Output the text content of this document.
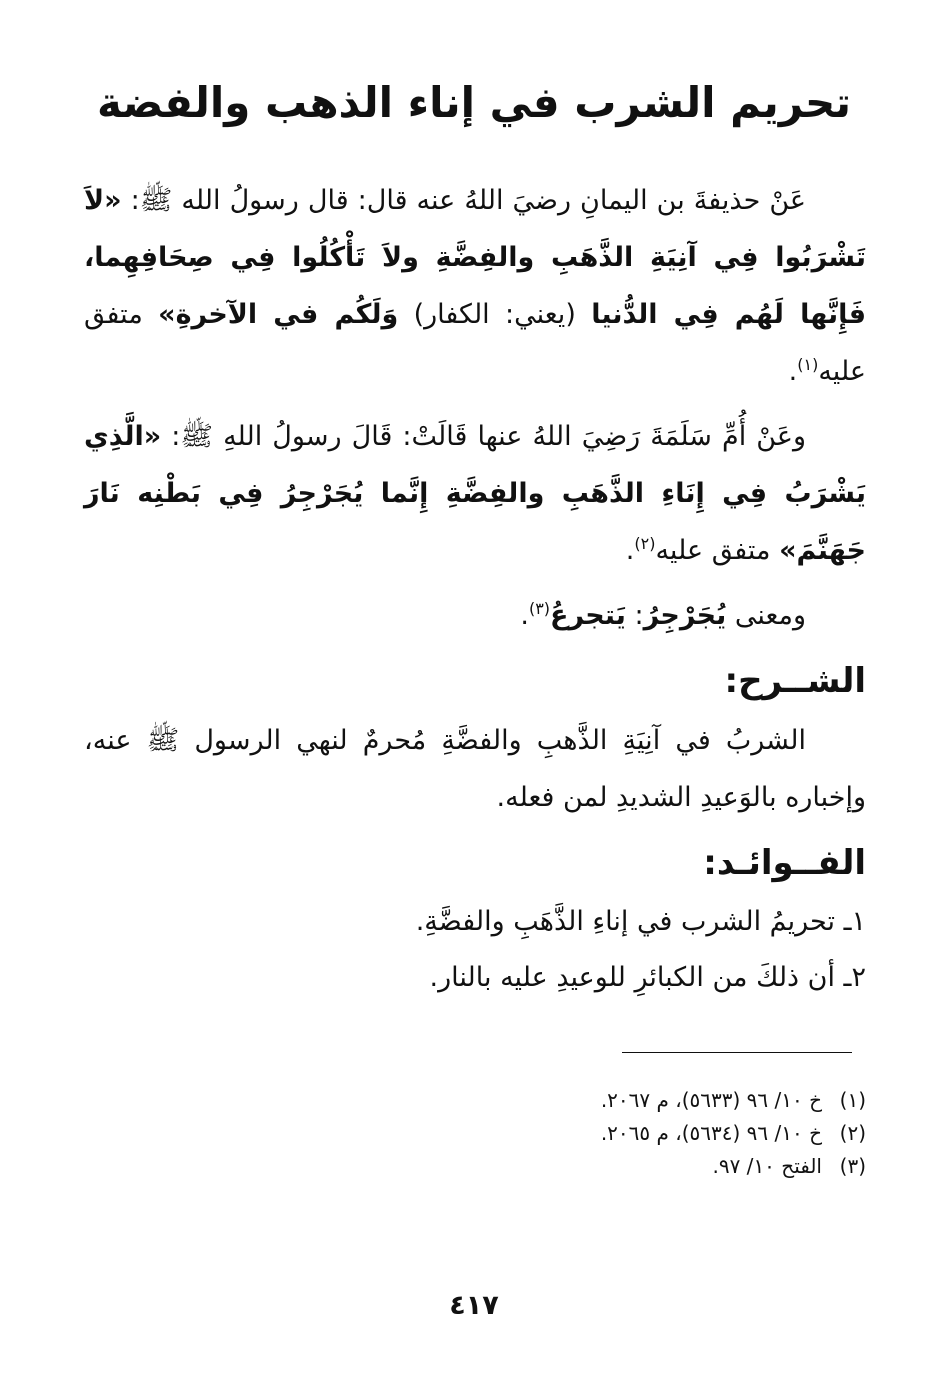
تحريم الشرب في إناء الذهب والفضة

عَنْ حذيفةَ بن اليمانِ رضيَ اللهُ عنه قال: قال رسولُ الله ﷺ: «لاَ تَشْرَبُوا فِي آنِيَةِ الذَّهَبِ والفِضَّةِ ولاَ تَأْكُلُوا فِي صِحَافِهِما، فَإِنَّها لَهُم فِي الدُّنيا (يعني: الكفار) وَلَكُم في الآخرةِ» متفق عليه$^{(١)}$.

وعَنْ أُمِّ سَلَمَةَ رَضِيَ اللهُ عنها قَالَتْ: قَالَ رسولُ اللهِ ﷺ: «الَّذِي يَشْرَبُ فِي إِنَاءِ الذَّهَبِ والفِضَّةِ إِنَّما يُجَرْجِرُ فِي بَطْنِه نَارَ جَهَنَّمَ» متفق عليه$^{(٢)}$.

ومعنى يُجَرْجِرُ: يَتجرعُ$^{(٣)}$.

الشــرح:

الشربُ في آنِيَةِ الذَّهبِ والفضَّةِ مُحرمٌ لنهي الرسول ﷺ عنه، وإخباره بالوَعيدِ الشديدِ لمن فعله.

الفــوائـد:

١ـ تحريمُ الشرب في إناءِ الذَّهَبِ والفضَّةِ.

٢ـ أن ذلكَ من الكبائرِ للوعيدِ عليه بالنار.

(١)خ ١٠/ ٩٦ (٥٦٣٣)، م ٢٠٦٧.

(٢)خ ١٠/ ٩٦ (٥٦٣٤)، م ٢٠٦٥.

(٣)الفتح ١٠/ ٩٧.

٤١٧
